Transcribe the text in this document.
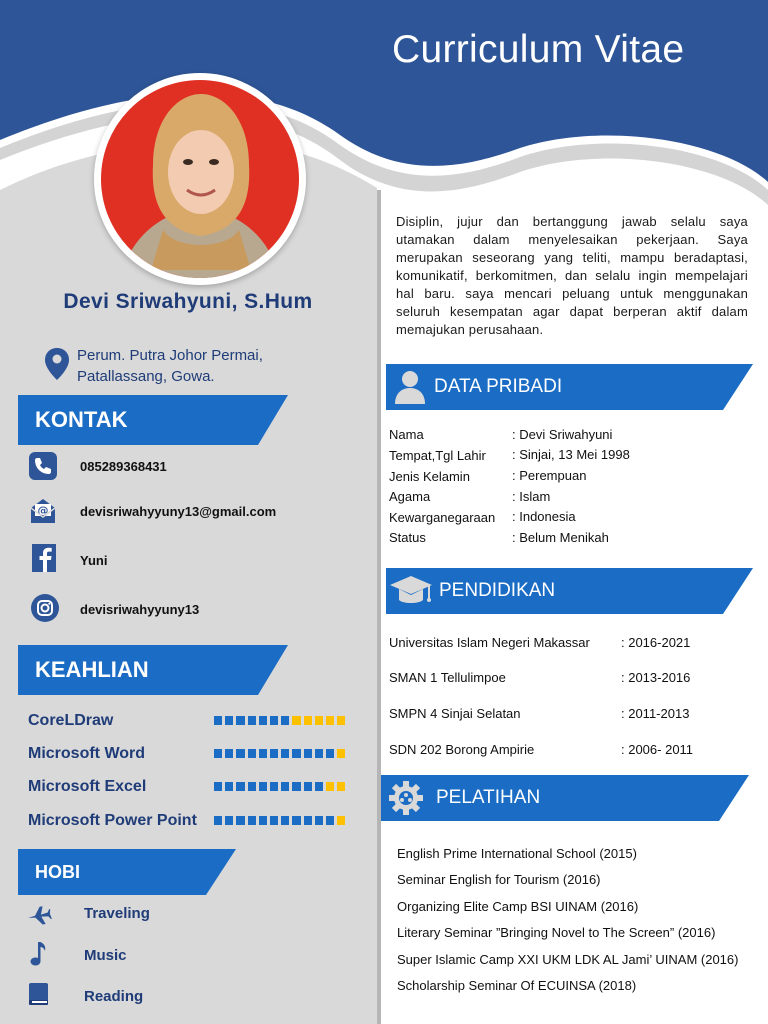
Curriculum Vitae
Devi Sriwahyuni, S.Hum
Perum. Putra Johor Permai,
Patallassang, Gowa.
KONTAK
085289368431
@ devisriwahyyuny13@gmail.com
Yuni
devisriwahyyuny13
KEAHLIAN
CoreLDraw
Microsoft Word
Microsoft Excel
Microsoft Power Point
HOBI
Traveling
Music
Reading
Disiplin, jujur dan bertanggung jawab selalu saya utamakan dalam menyelesaikan pekerjaan. Saya merupakan seseorang yang teliti, mampu beradaptasi, komunikatif, berkomitmen, dan selalu ingin mempelajari hal baru. saya mencari peluang untuk menggunakan seluruh kesempatan agar dapat berperan aktif dalam memajukan perusahaan.
DATA PRIBADI
Nama	: Devi Sriwahyuni
Tempat,Tgl Lahir : Sinjai, 13 Mei 1998
Jenis Kelamin	: Perempuan
Agama	: Islam
Kewarganegaraan : Indonesia
Status	: Belum Menikah
PENDIDIKAN
Universitas Islam Negeri Makassar : 2016-2021
SMAN 1 Tellulimpoe	: 2013-2016
SMPN 4 Sinjai Selatan	: 2011-2013
SDN 202 Borong Ampirie	: 2006- 2011
PELATIHAN
English Prime International School (2015)
Seminar English for Tourism (2016)
Organizing Elite Camp BSI UINAM (2016)
Literary Seminar ”Bringing Novel to The Screen” (2016)
Super Islamic Camp XXI UKM LDK AL Jami’ UINAM (2016)
Scholarship Seminar Of ECUINSA (2018)
